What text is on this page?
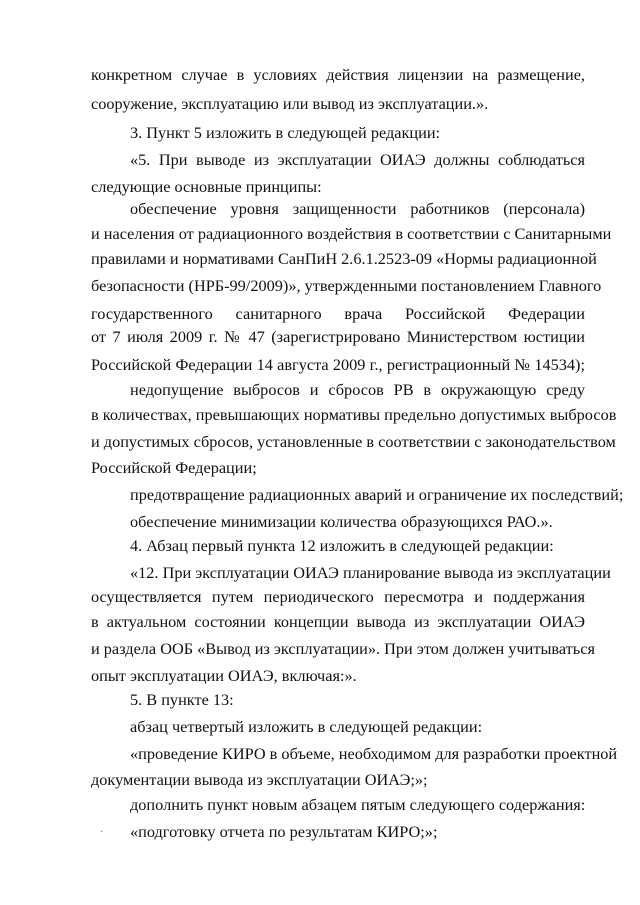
конкретном случае в условиях действия лицензии на размещение,
сооружение, эксплуатацию или вывод из эксплуатации.».
3. Пункт 5 изложить в следующей редакции:
«5. При выводе из эксплуатации ОИАЭ должны соблюдаться
следующие основные принципы:
обеспечение уровня защищенности работников (персонала)
и населения от радиационного воздействия в соответствии с Санитарными
правилами и нормативами СанПиН 2.6.1.2523-09 «Нормы радиационной
безопасности (НРБ-99/2009)», утвержденными постановлением Главного
государственного санитарного врача Российской Федерации
от 7 июля 2009 г. № 47 (зарегистрировано Министерством юстиции
Российской Федерации 14 августа 2009 г., регистрационный № 14534);
недопущение выбросов и сбросов РВ в окружающую среду
в количествах, превышающих нормативы предельно допустимых выбросов
и допустимых сбросов, установленные в соответствии с законодательством
Российской Федерации;
предотвращение радиационных аварий и ограничение их последствий;
обеспечение минимизации количества образующихся РАО.».
4. Абзац первый пункта 12 изложить в следующей редакции:
«12. При эксплуатации ОИАЭ планирование вывода из эксплуатации
осуществляется путем периодического пересмотра и поддержания
в актуальном состоянии концепции вывода из эксплуатации ОИАЭ
и раздела ООБ «Вывод из эксплуатации». При этом должен учитываться
опыт эксплуатации ОИАЭ, включая:».
5. В пункте 13:
абзац четвертый изложить в следующей редакции:
«проведение КИРО в объеме, необходимом для разработки проектной
документации вывода из эксплуатации ОИАЭ;»;
дополнить пункт новым абзацем пятым следующего содержания:
«подготовку отчета по результатам КИРО;»;
·
